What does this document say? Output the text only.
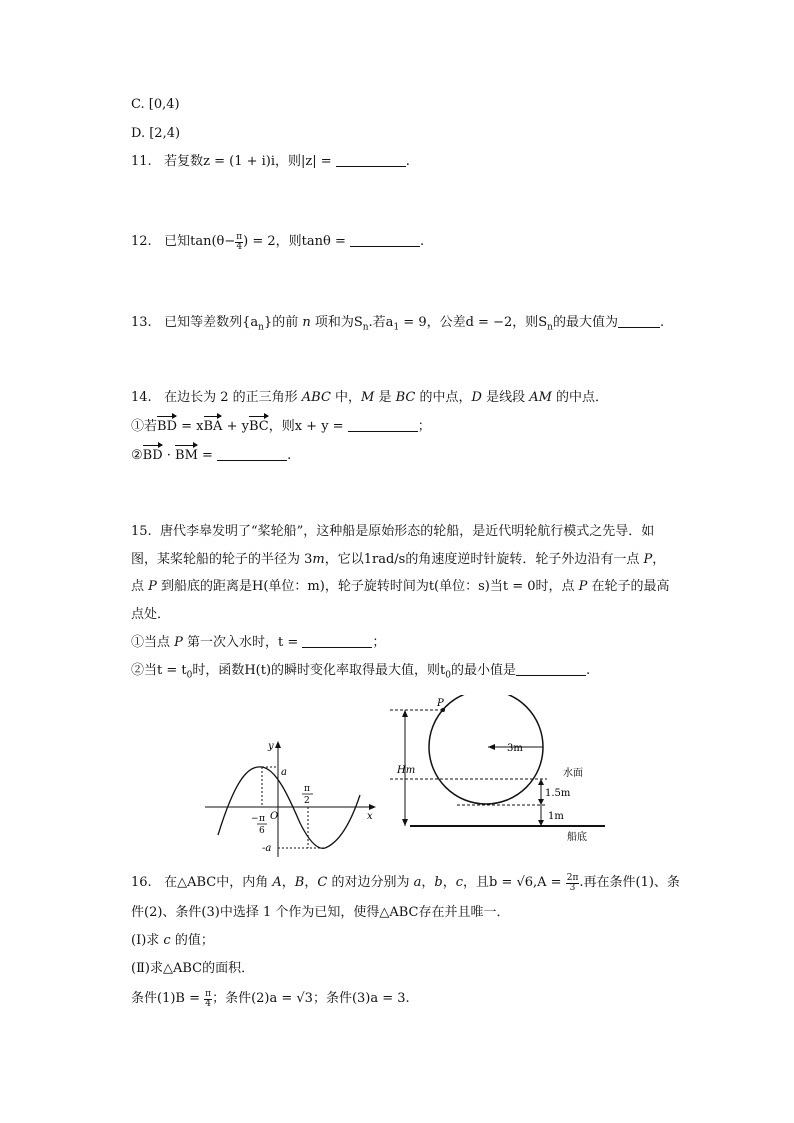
C. [0,4)
D. [2,4)
11. 若复数z = (1 + i)i，则|z| =	.
12. 已知$\tan(\theta- \frac{\pi}{4}$ ) = 2，则tanθ =	.
13. 已知等差数列$\{a_n\}$的前 n 项和为$S_n$.若$a_1 = 9$，公差d = −2，则$S_n$的最大值为	.
14. 在边长为 2 的正三角形 ABC 中，M 是 BC 的中点，D 是线段 AM 的中点．
①若BD = xBA + yBC，则x + y =	；
②BD · BM =	.
15. 唐代李皋发明了“桨轮船”，这种船是原始形态的轮船，是近代明轮航行模式之先导．如
图，某桨轮船的轮子的半径为 3m，它以1rad/s的角速度逆时针旋转．轮子外边沿有一点 P，
点 P 到船底的距离是H(单位：m)，轮子旋转时间为t(单位：s)当t = 0时，点 P 在轮子的最高
点处．
①当点 P 第一次入水时，t =	；
②当$t = t_0$时，函数H(t)的瞬时变化率取得最大值，则$t_0$的最小值是	.
y
x
O
a
-a
π
2
− π
6
P
Hm
3m
水面
1.5m
1m
船底
16. 在△ABC中，内角 A，B，C 的对边分别为 a，b，c，且$b = √6,A = \frac{2\pi}{3}$ .再在条件(1)、条
件(2)、条件(3)中选择 1 个作为已知，使得△ABC存在并且唯一．
(Ⅰ)求 c 的值；
(Ⅱ)求△ABC的面积．
条件$(1)B = \frac{\pi}{4}$ ；条件(2)a = √3；条件(3)a = 3.
